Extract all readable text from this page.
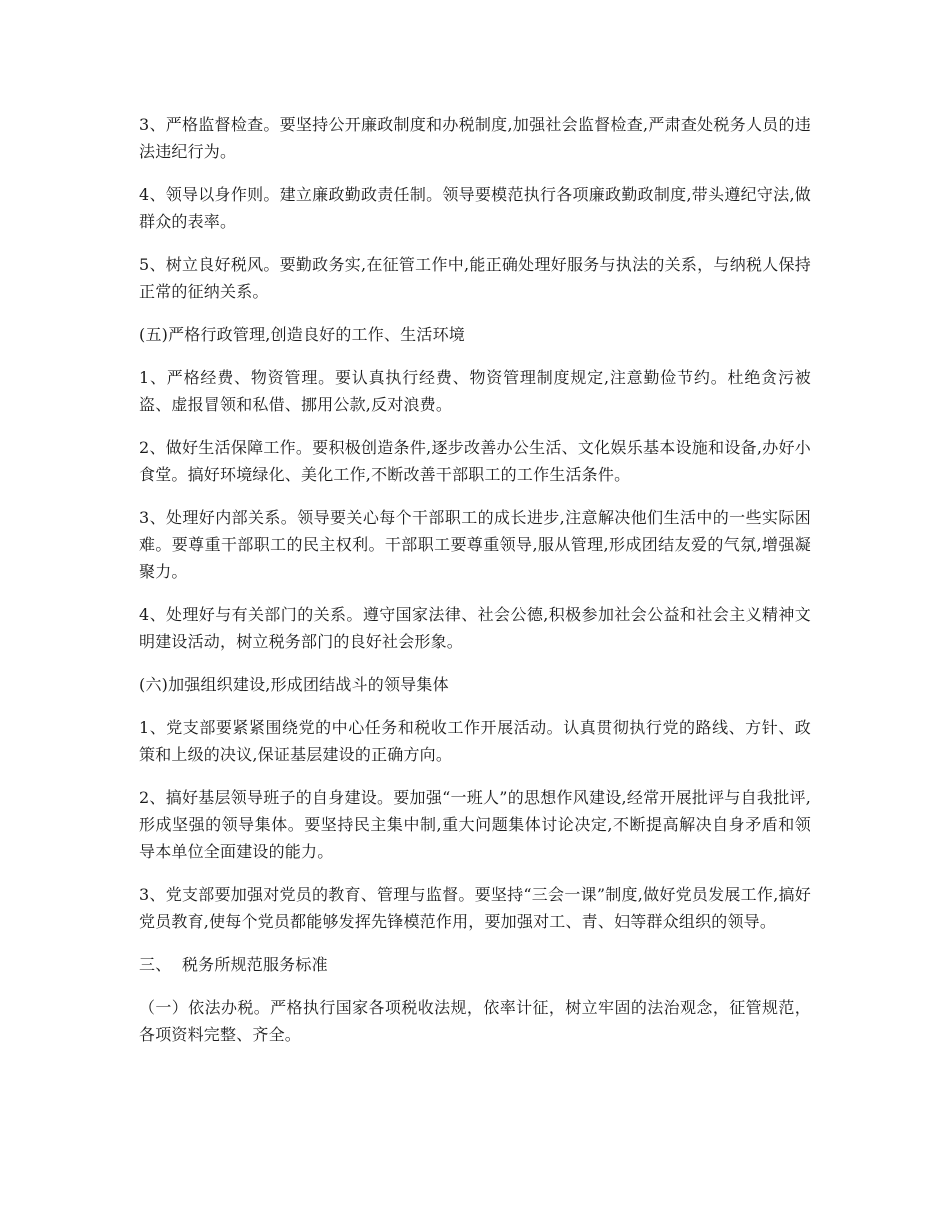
3、严格监督检查。要坚持公开廉政制度和办税制度,加强社会监督检查,严肃查处税务人员的违法违纪行为。

4、领导以身作则。建立廉政勤政责任制。领导要模范执行各项廉政勤政制度,带头遵纪守法,做群众的表率。

5、树立良好税风。要勤政务实,在征管工作中,能正确处理好服务与执法的关系，与纳税人保持正常的征纳关系。

(五)严格行政管理,创造良好的工作、生活环境

1、严格经费、物资管理。要认真执行经费、物资管理制度规定,注意勤俭节约。杜绝贪污被盗、虚报冒领和私借、挪用公款,反对浪费。

2、做好生活保障工作。要积极创造条件,逐步改善办公生活、文化娱乐基本设施和设备,办好小食堂。搞好环境绿化、美化工作,不断改善干部职工的工作生活条件。

3、处理好内部关系。领导要关心每个干部职工的成长进步,注意解决他们生活中的一些实际困难。要尊重干部职工的民主权利。干部职工要尊重领导,服从管理,形成团结友爱的气氛,增强凝聚力。

4、处理好与有关部门的关系。遵守国家法律、社会公德,积极参加社会公益和社会主义精神文明建设活动，树立税务部门的良好社会形象。

(六)加强组织建设,形成团结战斗的领导集体

1、党支部要紧紧围绕党的中心任务和税收工作开展活动。认真贯彻执行党的路线、方针、政策和上级的决议,保证基层建设的正确方向。

2、搞好基层领导班子的自身建设。要加强“一班人”的思想作风建设,经常开展批评与自我批评,形成坚强的领导集体。要坚持民主集中制,重大问题集体讨论决定,不断提高解决自身矛盾和领导本单位全面建设的能力。

3、党支部要加强对党员的教育、管理与监督。要坚持“三会一课”制度,做好党员发展工作,搞好党员教育,使每个党员都能够发挥先锋模范作用，要加强对工、青、妇等群众组织的领导。

三、  税务所规范服务标准

（一）依法办税。严格执行国家各项税收法规，依率计征，树立牢固的法治观念，征管规范，各项资料完整、齐全。
